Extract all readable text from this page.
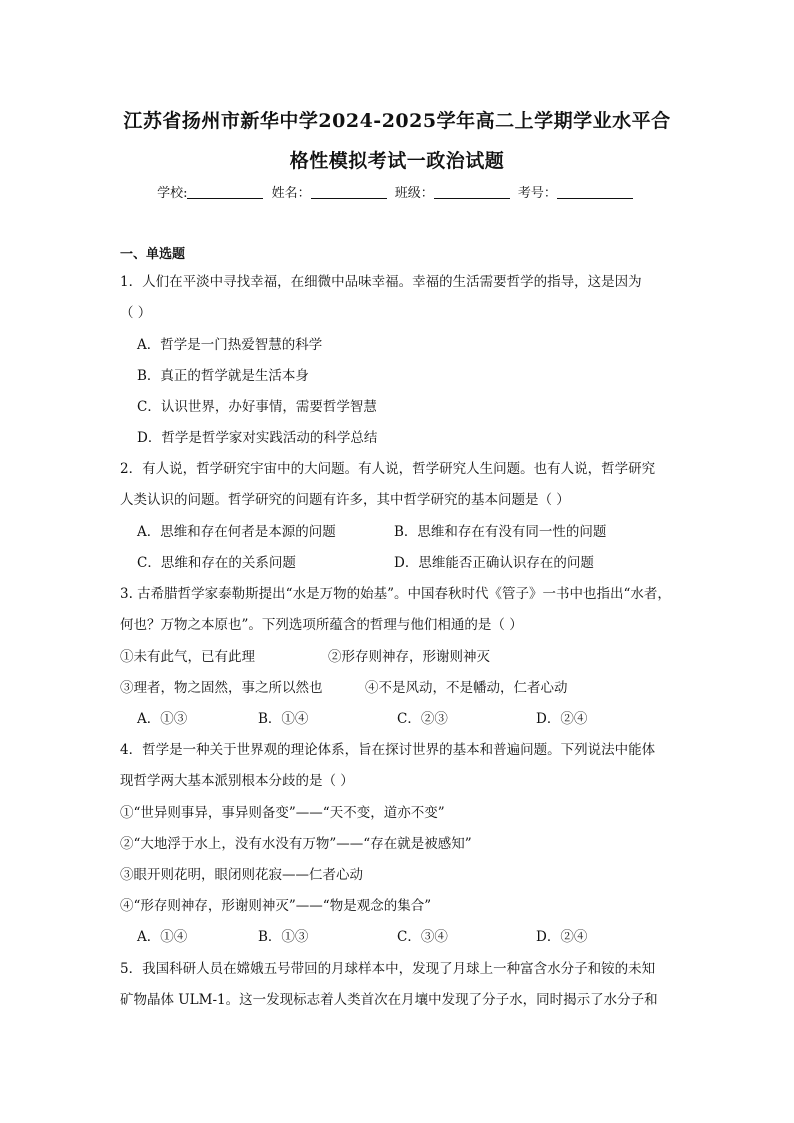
江苏省扬州市新华中学2024-2025学年高二上学期学业水平合
格性模拟考试一政治试题
学校:	姓名：	班级：	考号：
一、单选题
1．人们在平淡中寻找幸福，在细微中品味幸福。幸福的生活需要哲学的指导，这是因为
（ ）
A．哲学是一门热爱智慧的科学
B．真正的哲学就是生活本身
C．认识世界，办好事情，需要哲学智慧
D．哲学是哲学家对实践活动的科学总结
2．有人说，哲学研究宇宙中的大问题。有人说，哲学研究人生问题。也有人说，哲学研究
人类认识的问题。哲学研究的问题有许多，其中哲学研究的基本问题是（ ）
A．思维和存在何者是本源的问题	B．思维和存在有没有同一性的问题
C．思维和存在的关系问题	D．思维能否正确认识存在的问题
3. 古希腊哲学家泰勒斯提出“水是万物的始基”。中国春秋时代《管子》一书中也指出“水者，
何也？万物之本原也”。下列选项所蕴含的哲理与他们相通的是（ ）
①未有此气，已有此理	②形存则神存，形谢则神灭
③理者，物之固然，事之所以然也	④不是风动，不是幡动，仁者心动
A．①③	B．①④	C．②③	D．②④
4．哲学是一种关于世界观的理论体系，旨在探讨世界的基本和普遍问题。下列说法中能体
现哲学两大基本派别根本分歧的是（ ）
①“世异则事异，事异则备变”——“天不变，道亦不变”
②“大地浮于水上，没有水没有万物”——“存在就是被感知”
③眼开则花明，眼闭则花寂——仁者心动
④“形存则神存，形谢则神灭”——“物是观念的集合”
A．①④	B．①③	C．③④	D．②④
5．我国科研人员在嫦娥五号带回的月球样本中，发现了月球上一种富含水分子和铵的未知
矿物晶体 ULM-1。这一发现标志着人类首次在月壤中发现了分子水，同时揭示了水分子和
